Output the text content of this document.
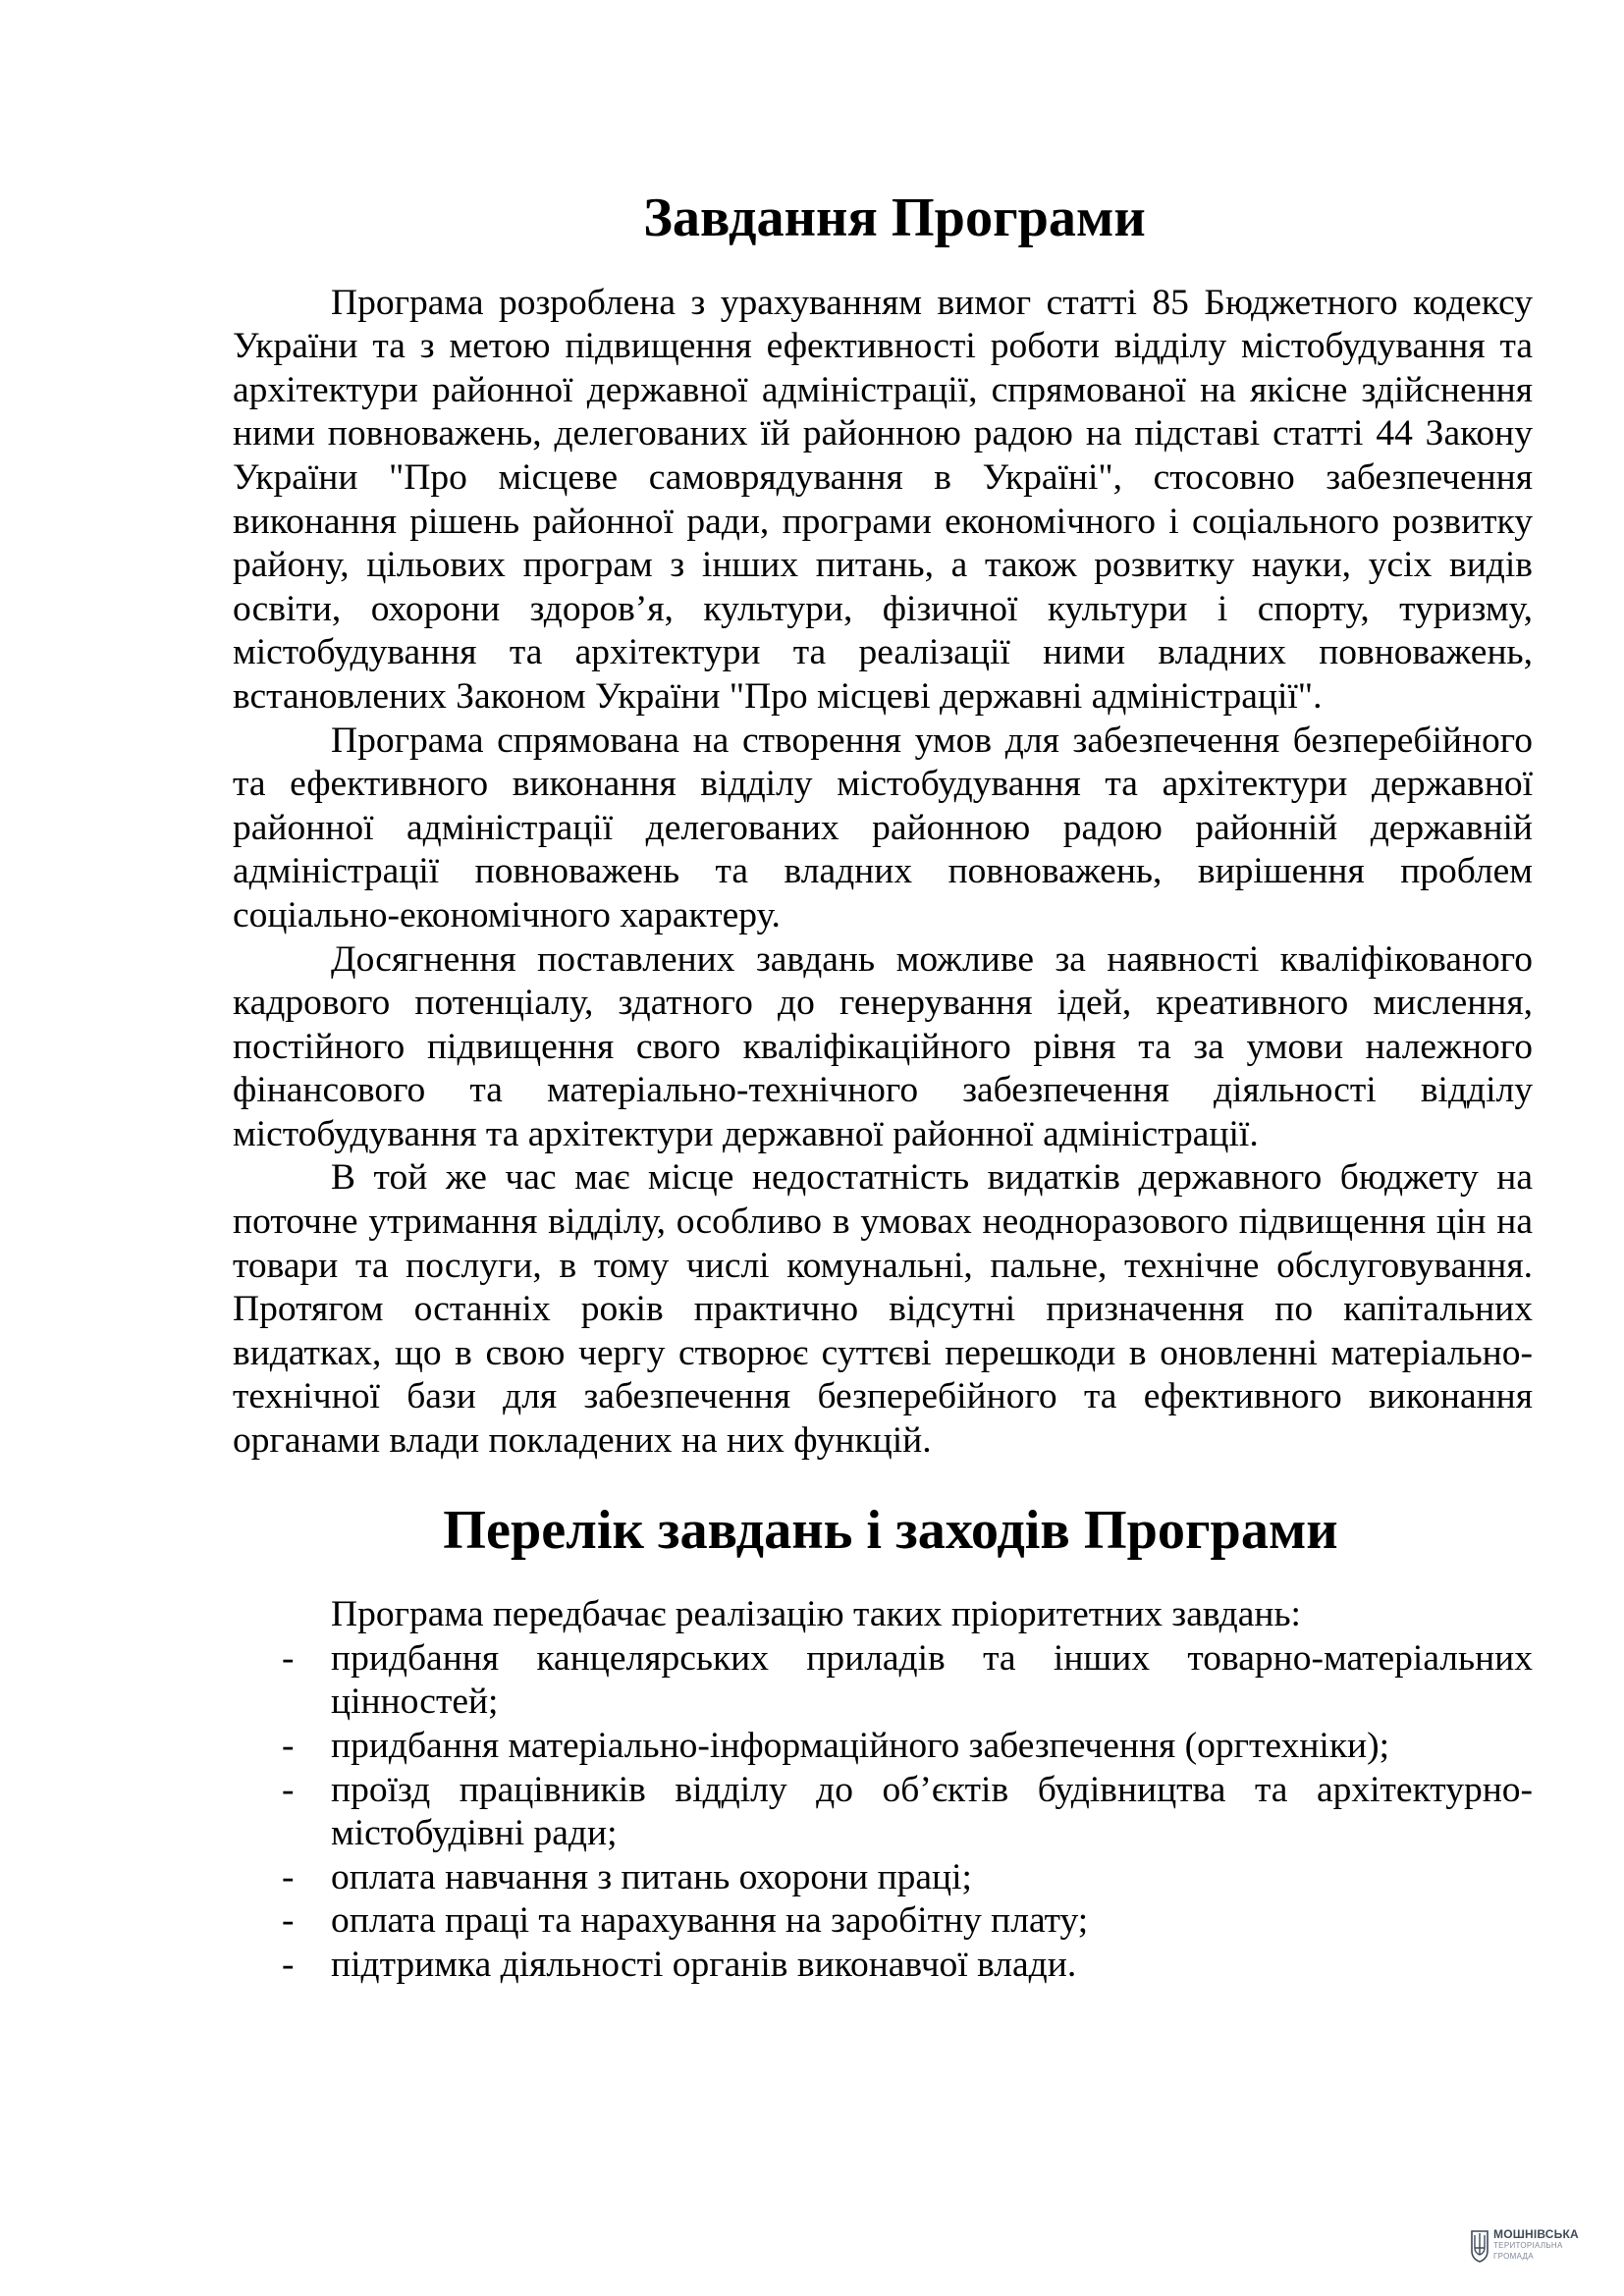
Завдання Програми

Програма розроблена з урахуванням вимог статті 85 Бюджетного кодексу України та з метою підвищення ефективності роботи відділу містобудування та архітектури районної державної адміністрації, спрямованої на якісне здійснення ними повноважень, делегованих їй районною радою на підставі статті 44 Закону України "Про місцеве самоврядування в Україні", стосовно забезпечення виконання рішень районної ради, програми економічного і соціального розвитку району, цільових програм з інших питань, а також розвитку науки, усіх видів освіти, охорони здоров’я, культури, фізичної культури і спорту, туризму, містобудування та архітектури та реалізації ними владних повноважень, встановлених Законом України "Про місцеві державні адміністрації".

Програма спрямована на створення умов для забезпечення безперебійного та ефективного виконання відділу містобудування та архітектури державної районної адміністрації делегованих районною радою районній державній адміністрації повноважень та владних повноважень, вирішення проблем соціально-економічного характеру.

Досягнення поставлених завдань можливе за наявності кваліфікованого кадрового потенціалу, здатного до генерування ідей, креативного мислення, постійного підвищення свого кваліфікаційного рівня та за умови належного фінансового та матеріально-технічного забезпечення діяльності відділу містобудування та архітектури державної районної адміністрації.

В той же час має місце недостатність видатків державного бюджету на поточне утримання відділу, особливо в умовах неодноразового підвищення цін на товари та послуги, в тому числі комунальні, пальне, технічне обслуговування. Протягом останніх років практично відсутні призначення по капітальних видатках, що в свою чергу створює суттєві перешкоди в оновленні матеріально-технічної бази для забезпечення безперебійного та ефективного виконання органами влади покладених на них функцій.

Перелік завдань і заходів Програми

Програма передбачає реалізацію таких пріоритетних завдань:

- придбання канцелярських приладів та інших товарно-матеріальних цінностей;
- придбання матеріально-інформаційного забезпечення (оргтехніки);
- проїзд працівників відділу до об’єктів будівництва та архітектурно-містобудівні ради;
- оплата навчання з питань охорони праці;
- оплата праці та нарахування на заробітну плату;
- підтримка діяльності органів виконавчої влади.
МОШНІВСЬКА
ТЕРИТОРІАЛЬНА
ГРОМАДА
